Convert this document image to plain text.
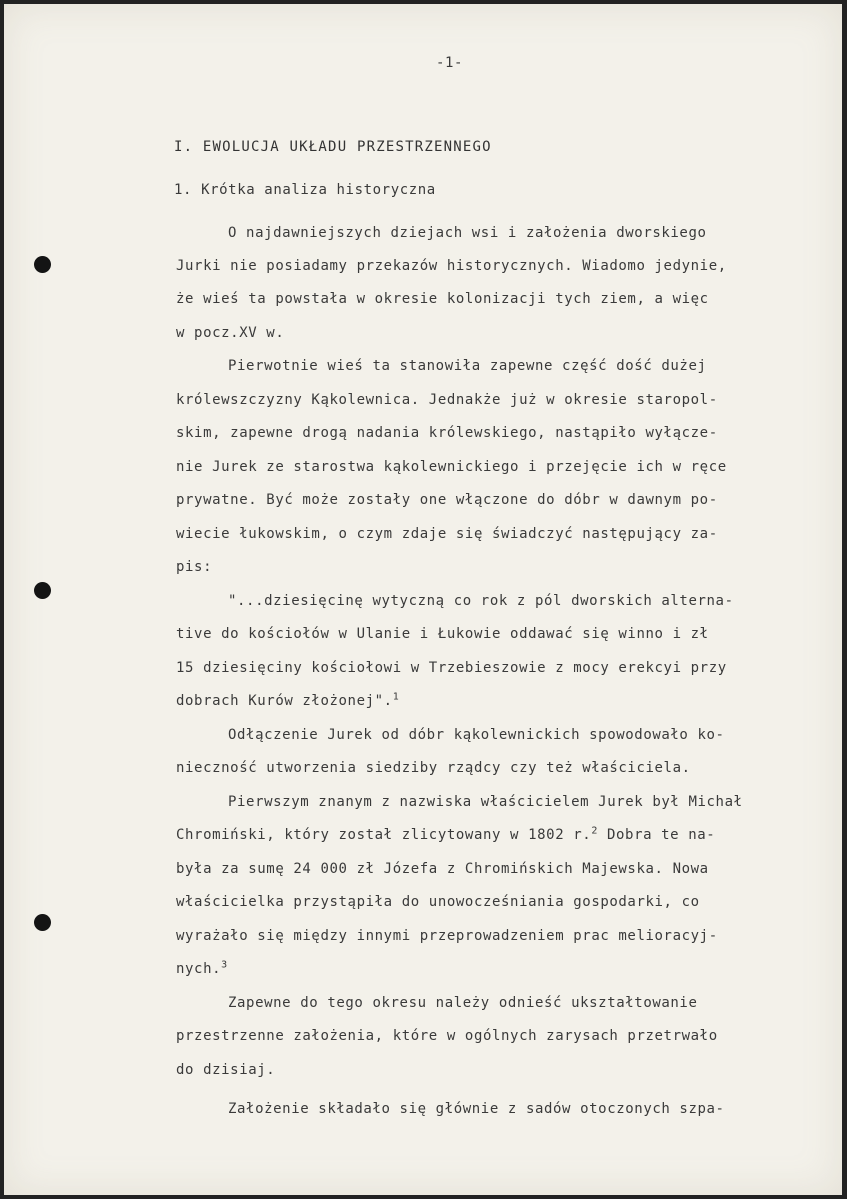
-1-

I. EWOLUCJA UKŁADU PRZESTRZENNEGO

1. Krótka analiza historyczna

O najdawniejszych dziejach wsi i założenia dworskiego

Jurki nie posiadamy przekazów historycznych. Wiadomo jedynie,

że wieś ta powstała w okresie kolonizacji tych ziem, a więc

w pocz.XV w.

Pierwotnie wieś ta stanowiła zapewne część dość dużej

królewszczyzny Kąkolewnica. Jednakże już w okresie staropol-

skim, zapewne drogą nadania królewskiego, nastąpiło wyłącze-

nie Jurek ze starostwa kąkolewnickiego i przejęcie ich w ręce

prywatne. Być może zostały one włączone do dóbr w dawnym po-

wiecie łukowskim, o czym zdaje się świadczyć następujący za-

pis:

"...dziesięcinę wytyczną co rok z pól dworskich alterna-

tive do kościołów w Ulanie i Łukowie oddawać się winno i zł

15 dziesięciny kościołowi w Trzebieszowie z mocy erekcyi przy

dobrach Kurów złożonej".$^1$

Odłączenie Jurek od dóbr kąkolewnickich spowodowało ko-

nieczność utworzenia siedziby rządcy czy też właściciela.

Pierwszym znanym z nazwiska właścicielem Jurek był Michał

Chromiński, który został zlicytowany w 1802 r.$^2$ Dobra te na-

była za sumę 24 000 zł Józefa z Chromińskich Majewska. Nowa

właścicielka przystąpiła do unowocześniania gospodarki, co

wyrażało się między innymi przeprowadzeniem prac melioracyj-

nych.$^3$

Zapewne do tego okresu należy odnieść ukształtowanie

przestrzenne założenia, które w ogólnych zarysach przetrwało

do dzisiaj.

Założenie składało się głównie z sadów otoczonych szpa-
